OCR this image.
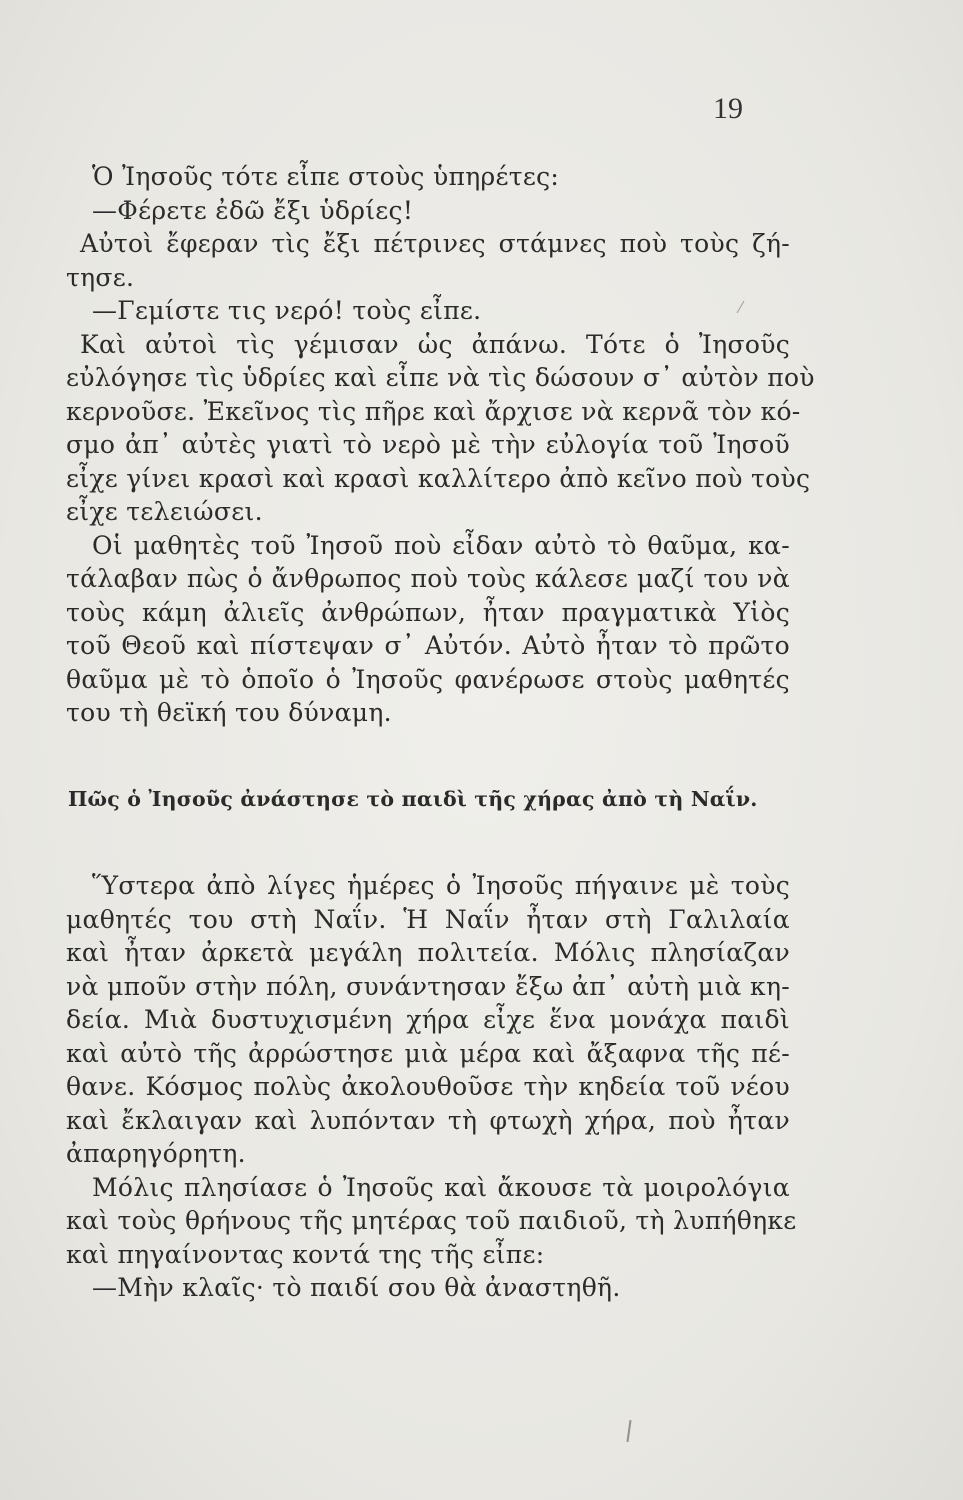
19
Ὁ Ἰησοῦς τότε εἶπε στοὺς ὑπηρέτες:
—Φέρετε ἐδῶ ἔξι ὑδρίες!
Αὐτοὶ ἔφεραν τὶς ἔξι πέτρινες στάμνες ποὺ τοὺς ζή-
τησε.
—Γεμίστε τις νερό! τοὺς εἶπε.
Καὶ αὐτοὶ τὶς γέμισαν ὡς ἀπάνω. Τότε ὁ Ἰησοῦς
εὐλόγησε τὶς ὑδρίες καὶ εἶπε νὰ τὶς δώσουν σ᾽ αὐτὸν ποὺ
κερνοῦσε. Ἐκεῖνος τὶς πῆρε καὶ ἄρχισε νὰ κερνᾶ τὸν κό-
σμο ἀπ᾽ αὐτὲς γιατὶ τὸ νερὸ μὲ τὴν εὐλογία τοῦ Ἰησοῦ
εἶχε γίνει κρασὶ καὶ κρασὶ καλλίτερο ἀπὸ κεῖνο ποὺ τοὺς
εἶχε τελειώσει.
Οἱ μαθητὲς τοῦ Ἰησοῦ ποὺ εἶδαν αὐτὸ τὸ θαῦμα, κα-
τάλαβαν πὼς ὁ ἄνθρωπος ποὺ τοὺς κάλεσε μαζί του νὰ
τοὺς κάμη ἀλιεῖς ἀνθρώπων, ἦταν πραγματικὰ Υἱὸς
τοῦ Θεοῦ καὶ πίστεψαν σ᾽ Αὐτόν. Αὐτὸ ἦταν τὸ πρῶτο
θαῦμα μὲ τὸ ὁποῖο ὁ Ἰησοῦς φανέρωσε στοὺς μαθητές
του τὴ θεϊκή του δύναμη.
Πῶς ὁ Ἰησοῦς ἀνάστησε τὸ παιδὶ τῆς χήρας ἀπὸ τὴ Ναΐν.
Ὕστερα ἀπὸ λίγες ἡμέρες ὁ Ἰησοῦς πήγαινε μὲ τοὺς
μαθητές του στὴ Ναΐν. Ἡ Ναΐν ἦταν στὴ Γαλιλαία
καὶ ἦταν ἀρκετὰ μεγάλη πολιτεία. Μόλις πλησίαζαν
νὰ μποῦν στὴν πόλη, συνάντησαν ἔξω ἀπ᾽ αὐτὴ μιὰ κη-
δεία. Μιὰ δυστυχισμένη χήρα εἶχε ἕνα μονάχα παιδὶ
καὶ αὐτὸ τῆς ἀρρώστησε μιὰ μέρα καὶ ἄξαφνα τῆς πέ-
θανε. Κόσμος πολὺς ἀκολουθοῦσε τὴν κηδεία τοῦ νέου
καὶ ἔκλαιγαν καὶ λυπόνταν τὴ φτωχὴ χήρα, ποὺ ἦταν
ἀπαρηγόρητη.
Μόλις πλησίασε ὁ Ἰησοῦς καὶ ἄκουσε τὰ μοιρολόγια
καὶ τοὺς θρήνους τῆς μητέρας τοῦ παιδιοῦ, τὴ λυπήθηκε
καὶ πηγαίνοντας κοντά της τῆς εἶπε:
—Μὴν κλαῖς· τὸ παιδί σου θὰ ἀναστηθῆ.
